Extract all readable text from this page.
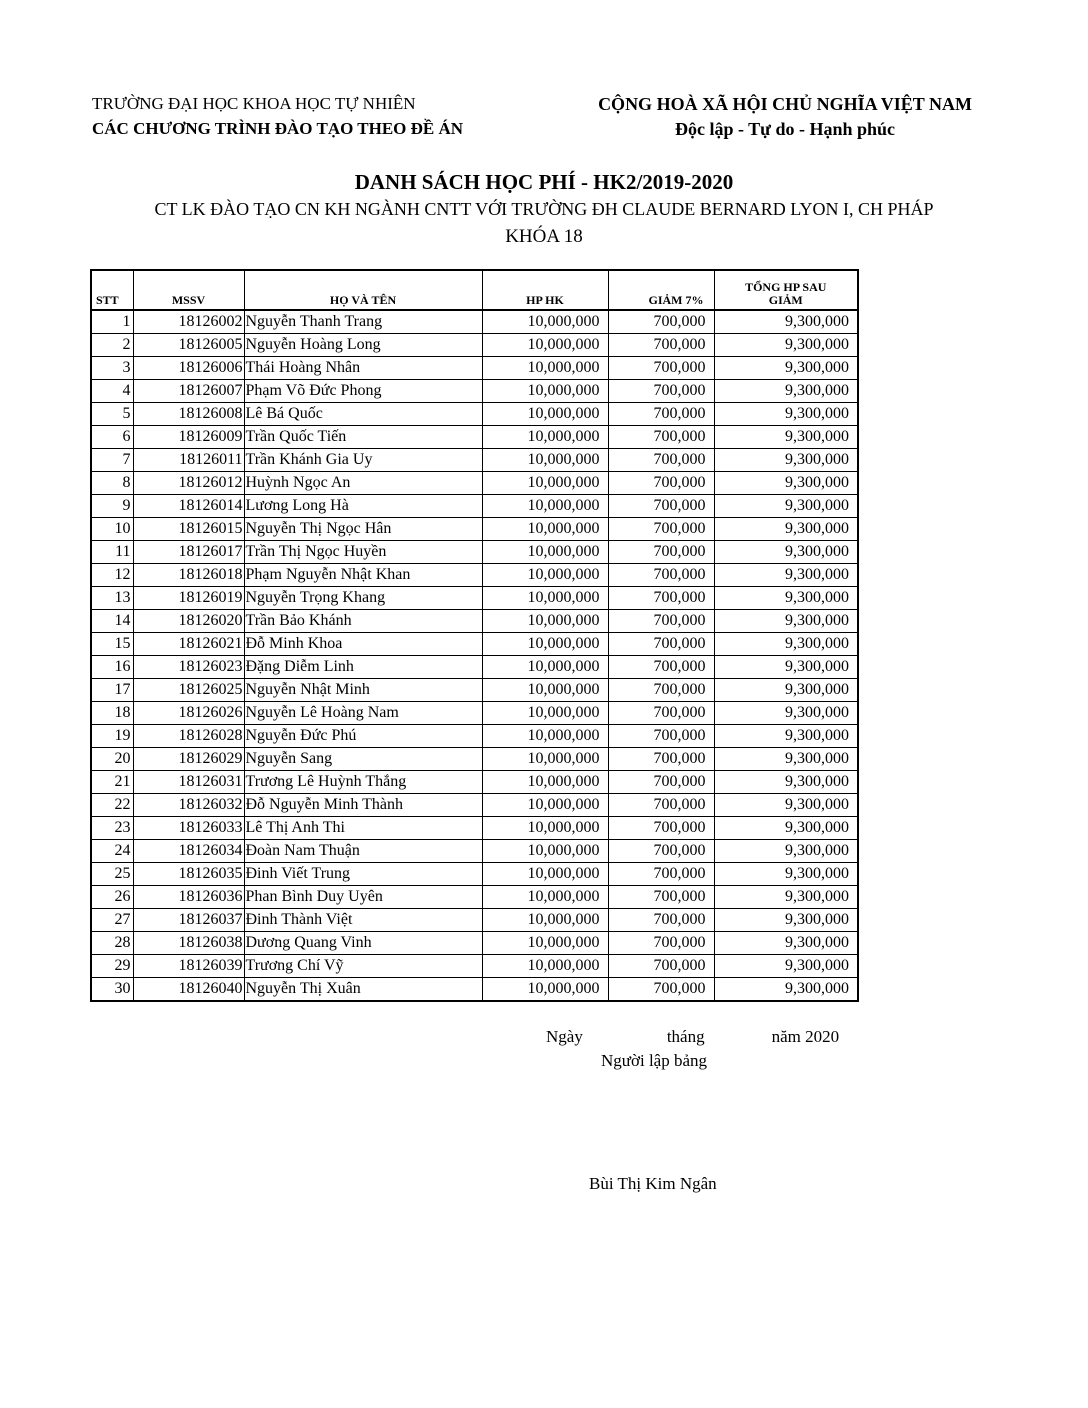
TRƯỜNG ĐẠI HỌC KHOA HỌC TỰ NHIÊN
CÁC CHƯƠNG TRÌNH ĐÀO TẠO THEO ĐỀ ÁN
CỘNG HOÀ XÃ HỘI CHỦ NGHĨA VIỆT NAM
Độc lập - Tự do - Hạnh phúc
DANH SÁCH HỌC PHÍ - HK2/2019-2020
CT LK ĐÀO TẠO CN KH NGÀNH CNTT VỚI TRƯỜNG ĐH CLAUDE BERNARD LYON I, CH PHÁP
KHÓA 18
STT	MSSV	HỌ VÀ TÊN	HP HK	GIẢM 7%	TỔNG HP SAU GIẢM
1	18126002	Nguyễn Thanh Trang	10,000,000	700,000	9,300,000
2	18126005	Nguyễn Hoàng Long	10,000,000	700,000	9,300,000
3	18126006	Thái Hoàng Nhân	10,000,000	700,000	9,300,000
4	18126007	Phạm Võ Đức Phong	10,000,000	700,000	9,300,000
5	18126008	Lê Bá Quốc	10,000,000	700,000	9,300,000
6	18126009	Trần Quốc Tiến	10,000,000	700,000	9,300,000
7	18126011	Trần Khánh Gia Uy	10,000,000	700,000	9,300,000
8	18126012	Huỳnh Ngọc An	10,000,000	700,000	9,300,000
9	18126014	Lương Long Hà	10,000,000	700,000	9,300,000
10	18126015	Nguyễn Thị Ngọc Hân	10,000,000	700,000	9,300,000
11	18126017	Trần Thị Ngọc Huyền	10,000,000	700,000	9,300,000
12	18126018	Phạm Nguyễn Nhật Khan	10,000,000	700,000	9,300,000
13	18126019	Nguyễn Trọng Khang	10,000,000	700,000	9,300,000
14	18126020	Trần Bảo Khánh	10,000,000	700,000	9,300,000
15	18126021	Đỗ Minh Khoa	10,000,000	700,000	9,300,000
16	18126023	Đặng Diễm Linh	10,000,000	700,000	9,300,000
17	18126025	Nguyễn Nhật Minh	10,000,000	700,000	9,300,000
18	18126026	Nguyễn Lê Hoàng Nam	10,000,000	700,000	9,300,000
19	18126028	Nguyễn Đức Phú	10,000,000	700,000	9,300,000
20	18126029	Nguyễn Sang	10,000,000	700,000	9,300,000
21	18126031	Trương Lê Huỳnh Thắng	10,000,000	700,000	9,300,000
22	18126032	Đỗ Nguyễn Minh Thành	10,000,000	700,000	9,300,000
23	18126033	Lê Thị Anh Thi	10,000,000	700,000	9,300,000
24	18126034	Đoàn Nam Thuận	10,000,000	700,000	9,300,000
25	18126035	Đinh Viết Trung	10,000,000	700,000	9,300,000
26	18126036	Phan Bình Duy Uyên	10,000,000	700,000	9,300,000
27	18126037	Đinh Thành Việt	10,000,000	700,000	9,300,000
28	18126038	Dương Quang Vinh	10,000,000	700,000	9,300,000
29	18126039	Trương Chí Vỹ	10,000,000	700,000	9,300,000
30	18126040	Nguyễn Thị Xuân	10,000,000	700,000	9,300,000
Ngày	tháng	năm 2020
Người lập bảng
Bùi Thị Kim Ngân
